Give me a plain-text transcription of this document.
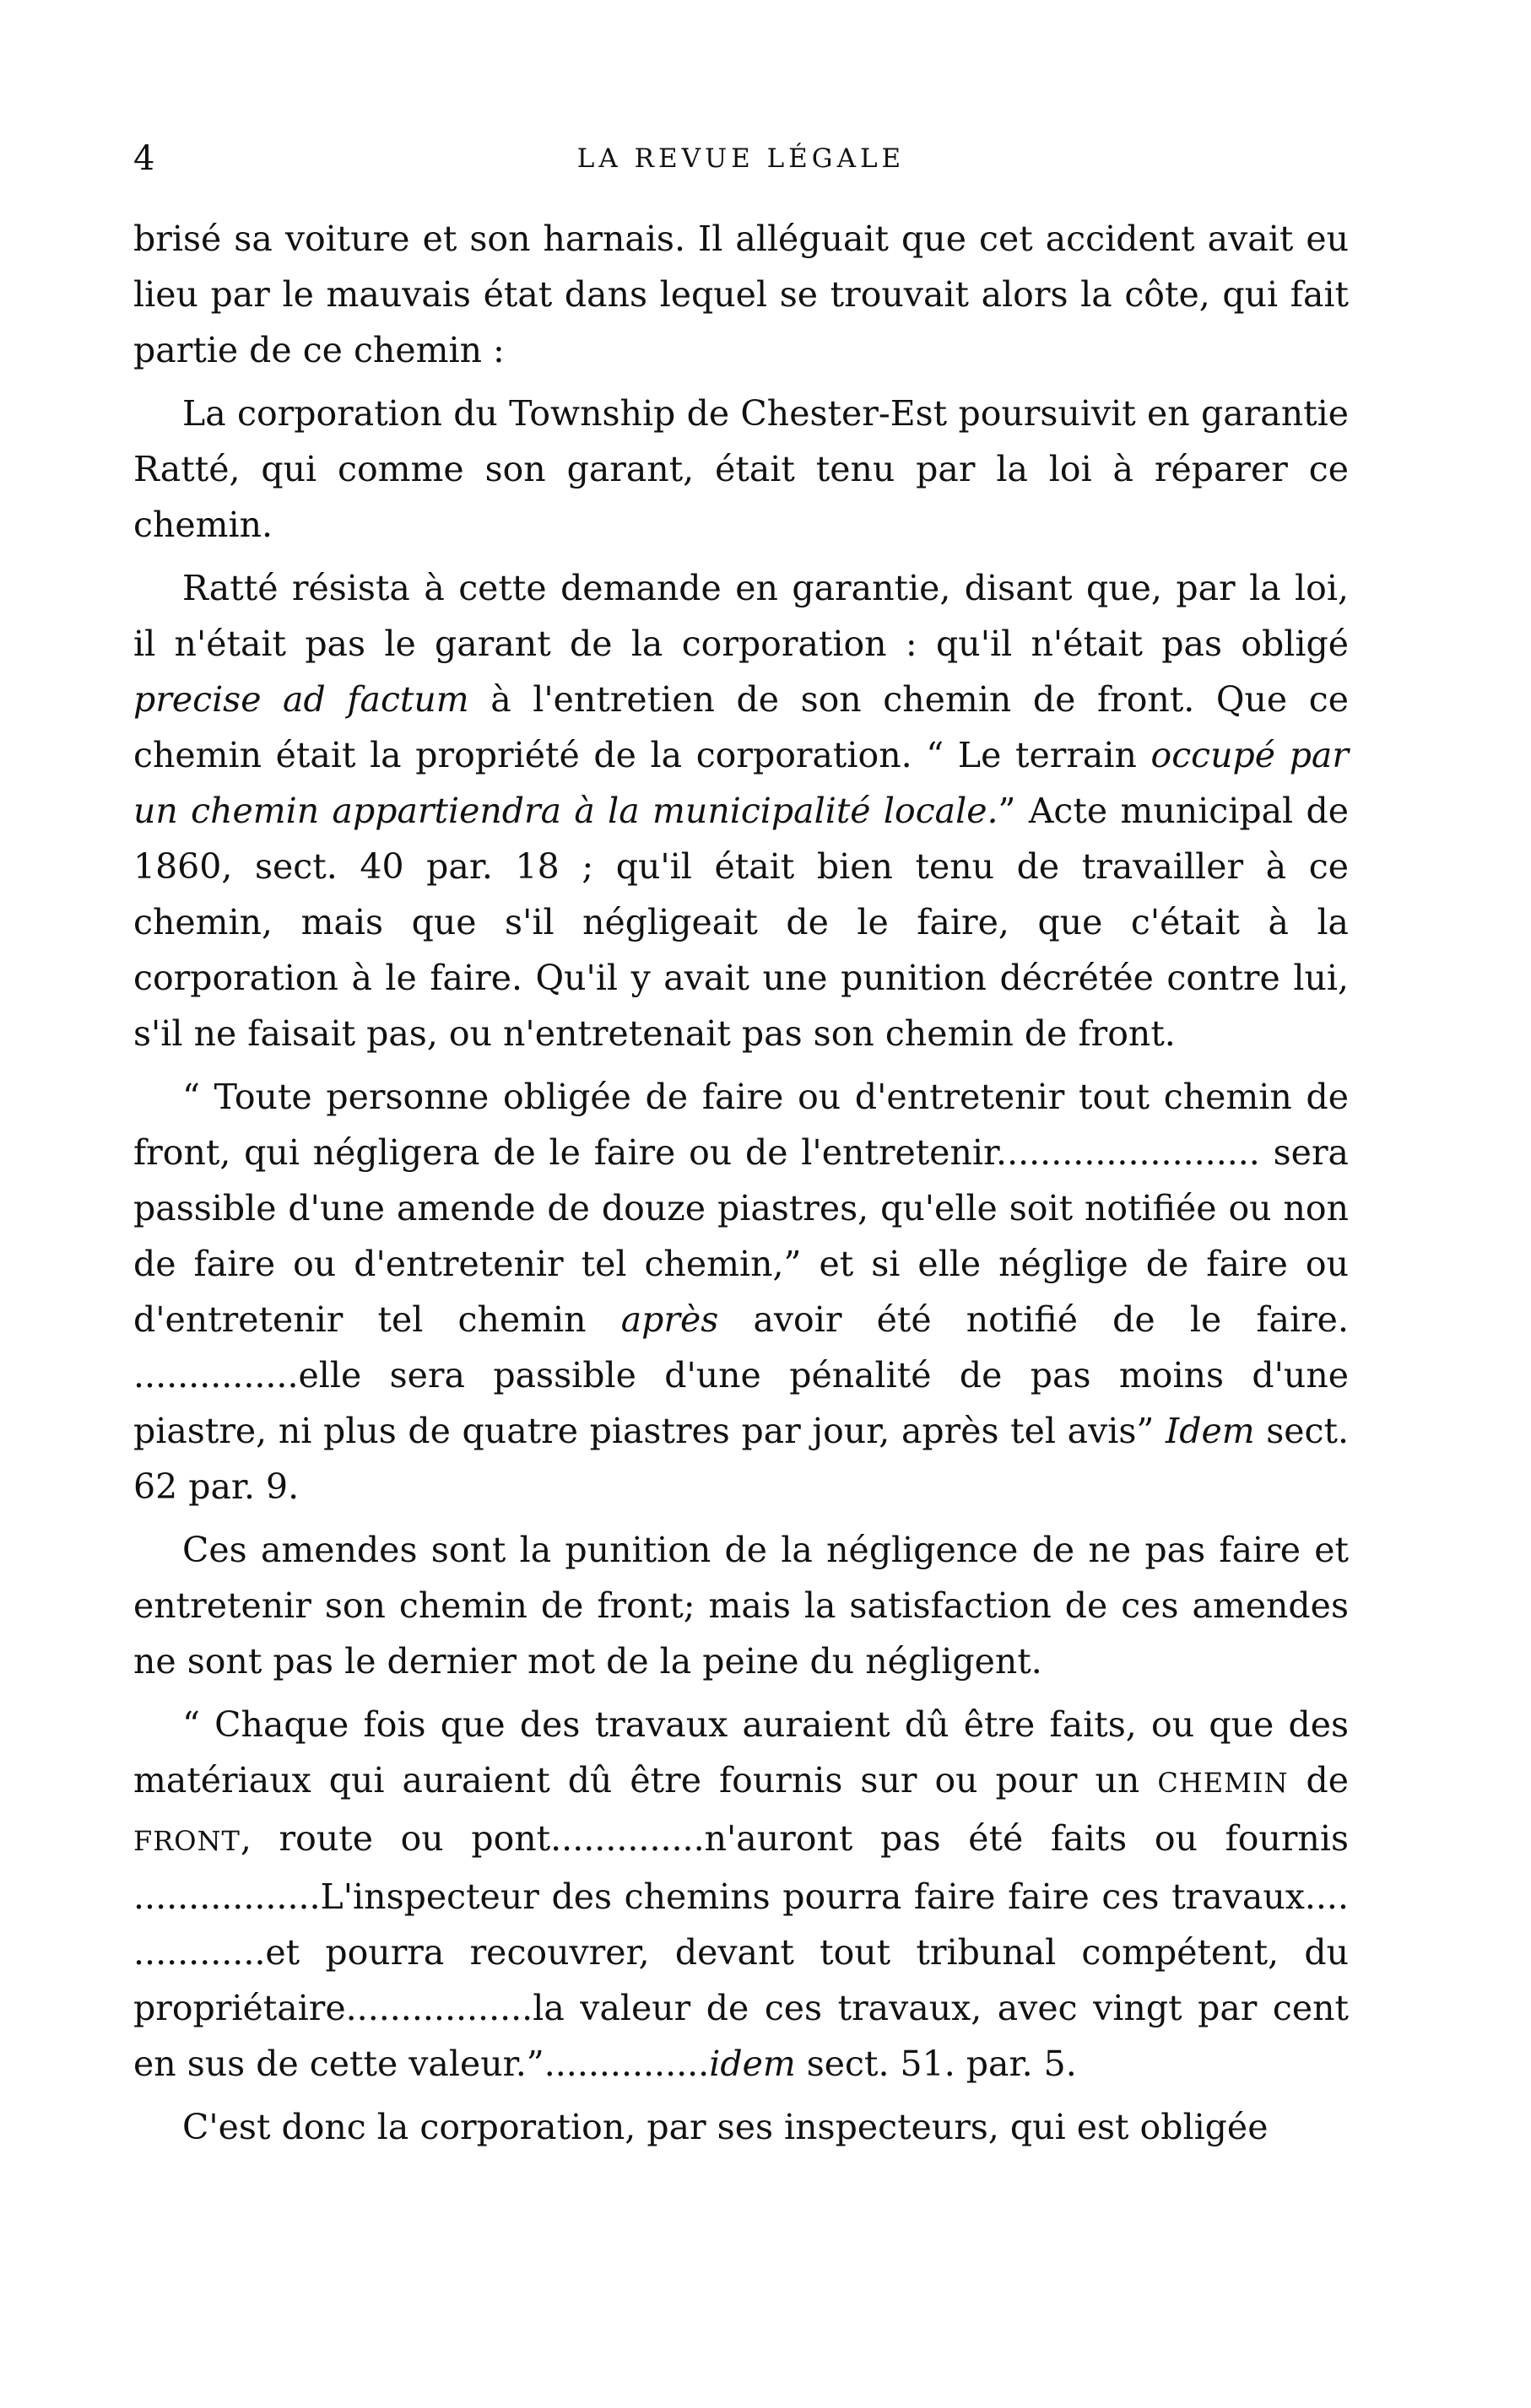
4	LA REVUE LÉGALE

brisé sa voiture et son harnais. Il alléguait que cet accident avait eu lieu par le mauvais état dans lequel se trouvait alors la côte, qui fait partie de ce chemin :

La corporation du Township de Chester-Est poursuivit en garantie Ratté, qui comme son garant, était tenu par la loi à réparer ce chemin.

Ratté résista à cette demande en garantie, disant que, par la loi, il n'était pas le garant de la corporation : qu'il n'était pas obligé precise ad factum à l'entretien de son chemin de front. Que ce chemin était la propriété de la corporation. “ Le terrain occupé par un chemin appartiendra à la municipalité locale.” Acte municipal de 1860, sect. 40 par. 18 ; qu'il était bien tenu de travailler à ce chemin, mais que s'il négligeait de le faire, que c'était à la corporation à le faire. Qu'il y avait une punition décrétée contre lui, s'il ne faisait pas, ou n'entretenait pas son chemin de front.

“ Toute personne obligée de faire ou d'entretenir tout chemin de front, qui négligera de le faire ou de l'entretenir........................ sera passible d'une amende de douze piastres, qu'elle soit notifiée ou non de faire ou d'entretenir tel chemin,” et si elle néglige de faire ou d'entretenir tel chemin après avoir été notifié de le faire. ...............elle sera passible d'une pénalité de pas moins d'une piastre, ni plus de quatre piastres par jour, après tel avis” Idem sect. 62 par. 9.

Ces amendes sont la punition de la négligence de ne pas faire et entretenir son chemin de front; mais la satisfaction de ces amendes ne sont pas le dernier mot de la peine du négligent.

“ Chaque fois que des travaux auraient dû être faits, ou que des matériaux qui auraient dû être fournis sur ou pour un CHEMIN de FRONT, route ou pont..............n'auront pas été faits ou fournis .................L'inspecteur des chemins pourra faire faire ces travaux.... ............et pourra recouvrer, devant tout tribunal compétent, du propriétaire.................la valeur de ces travaux, avec vingt par cent en sus de cette valeur.”...............idem sect. 51. par. 5.

C'est donc la corporation, par ses inspecteurs, qui est obligée
